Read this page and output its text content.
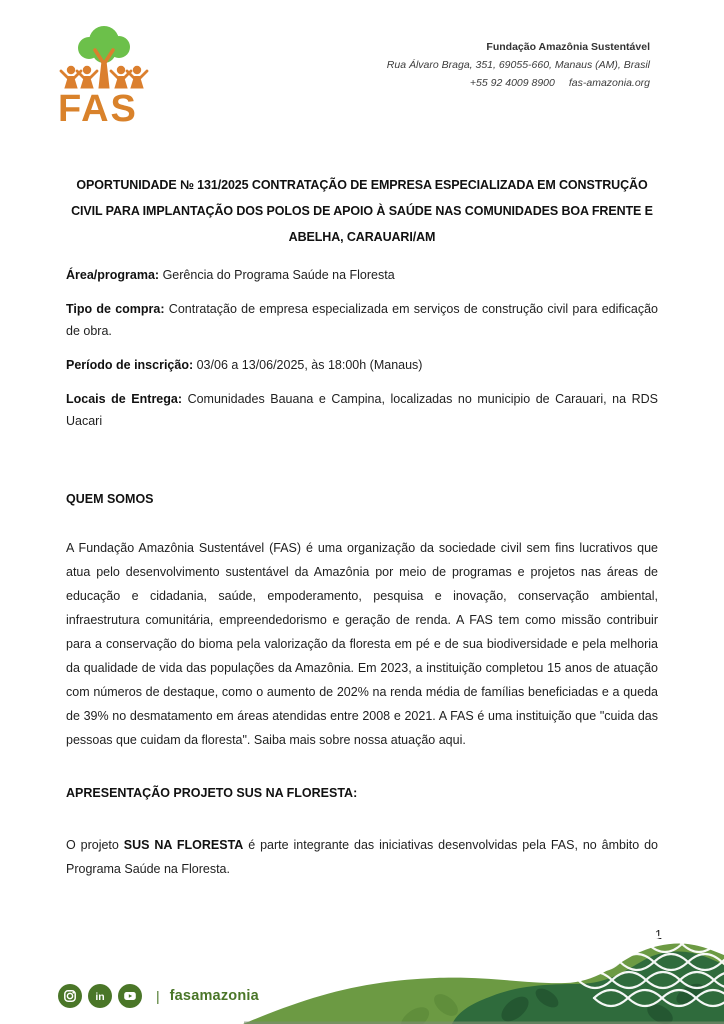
FAS
Fundação Amazônia Sustentável
Rua Álvaro Braga, 351, 69055-660, Manaus (AM), Brasil
+55 92 4009 8900 fas-amazonia.org
OPORTUNIDADE № 131/2025 CONTRATAÇÃO DE EMPRESA ESPECIALIZADA EM CONSTRUÇÃO CIVIL PARA IMPLANTAÇÃO DOS POLOS DE APOIO À SAÚDE NAS COMUNIDADES BOA FRENTE E ABELHA, CARAUARI/AM

Área/programa: Gerência do Programa Saúde na Floresta

Tipo de compra: Contratação de empresa especializada em serviços de construção civil para edificação de obra.

Período de inscrição: 03/06 a 13/06/2025, às 18:00h (Manaus)

Locais de Entrega: Comunidades Bauana e Campina, localizadas no municipio de Carauari, na RDS Uacari

QUEM SOMOS

A Fundação Amazônia Sustentável (FAS) é uma organização da sociedade civil sem fins lucrativos que atua pelo desenvolvimento sustentável da Amazônia por meio de programas e projetos nas áreas de educação e cidadania, saúde, empoderamento, pesquisa e inovação, conservação ambiental, infraestrutura comunitária, empreendedorismo e geração de renda. A FAS tem como missão contribuir para a conservação do bioma pela valorização da floresta em pé e de sua biodiversidade e pela melhoria da qualidade de vida das populações da Amazônia. Em 2023, a instituição completou 15 anos de atuação com números de destaque, como o aumento de 202% na renda média de famílias beneficiadas e a queda de 39% no desmatamento em áreas atendidas entre 2008 e 2021. A FAS é uma instituição que "cuida das pessoas que cuidam da floresta". Saiba mais sobre nossa atuação aqui.

APRESENTAÇÃO PROJETO SUS NA FLORESTA:

O projeto SUS NA FLORESTA é parte integrante das iniciativas desenvolvidas pela FAS, no âmbito do Programa Saúde na Floresta.

1
in	| fasamazonia
